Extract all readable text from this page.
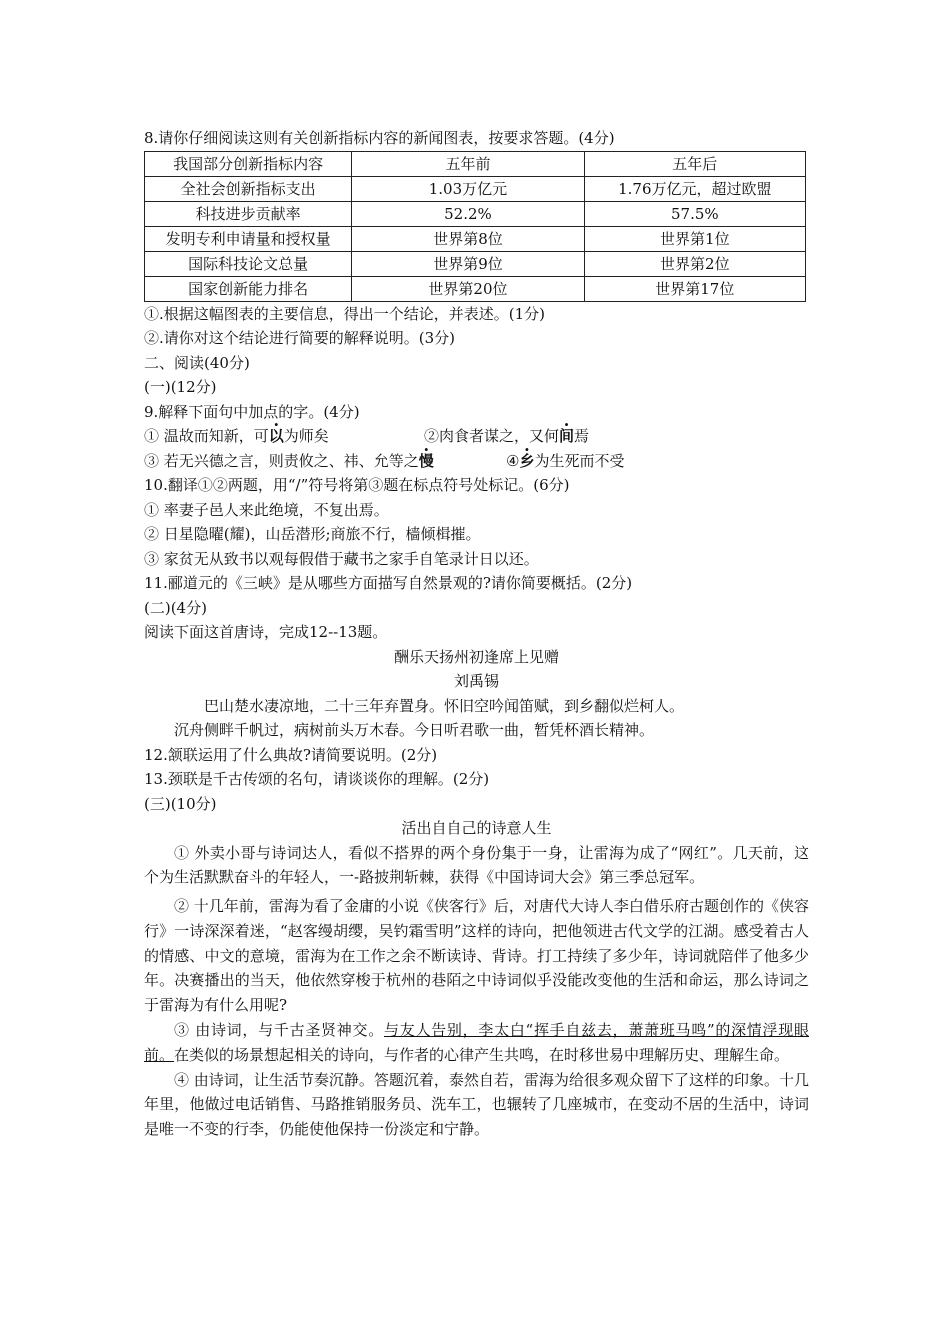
8.请你仔细阅读这则有关创新指标内容的新闻图表，按要求答题。(4分)
我国部分创新指标内容	五年前	五年后
全社会创新指标支出	1.03万亿元	1.76万亿元，超过欧盟
科技进步贡献率	52.2%	57.5%
发明专利申请量和授权量	世界第8位	世界第1位
国际科技论文总量	世界第9位	世界第2位
国家创新能力排名	世界第20位	世界第17位
①.根据这幅图表的主要信息，得出一个结论，并表述。(1分)
②.请你对这个结论进行简要的解释说明。(3分)
二、阅读(40分)
(一)(12分)
9.解释下面句中加点的字。(4分)
① 温故而知新，可以为师矣	②肉食者谋之，又何间焉
③ 若无兴德之言，则责攸之、祎、允等之慢	④乡为生死而不受
10.翻译①②两题，用“/”符号将第③题在标点符号处标记。(6分)
① 率妻子邑人来此绝境，不复出焉。
② 日星隐曜(耀)，山岳潜形;商旅不行，樯倾楫摧。
③ 家贫无从致书以观每假借于藏书之家手自笔录计日以还。
11.郦道元的《三峡》是从哪些方面描写自然景观的?请你简要概括。(2分)
(二)(4分)
阅读下面这首唐诗，完成12--13题。
酬乐天扬州初逢席上见赠
刘禹锡
巴山楚水凄凉地，二十三年弃置身。怀旧空吟闻笛赋，到乡翻似烂柯人。
沉舟侧畔千帆过，病树前头万木春。今日听君歌一曲，暂凭杯酒长精神。
12.颔联运用了什么典故?请简要说明。(2分)
13.颈联是千古传颂的名句，请谈谈你的理解。(2分)
(三)(10分)
活出自自己的诗意人生
① 外卖小哥与诗词达人，看似不搭界的两个身份集于一身，让雷海为成了“网红”。几天前，这个为生活默默奋斗的年轻人，一-路披荆斩棘，获得《中国诗词大会》第三季总冠军。
② 十几年前，雷海为看了金庸的小说《侠客行》后，对唐代大诗人李白借乐府古题创作的《侠容行》一诗深深着迷，“赵客缦胡缨，吴钓霜雪明”这样的诗向，把他领进古代文学的江湖。感受着古人的情感、中文的意境，雷海为在工作之余不断读诗、背诗。打工持续了多少年，诗词就陪伴了他多少年。决赛播出的当天，他依然穿梭于杭州的巷陌之中诗词似乎没能改变他的生活和命运，那么诗词之于雷海为有什么用呢?
③ 由诗词，与千古圣贤神交。与友人告别，李太白“挥手自兹去，萧萧班马鸣”的深情浮现眼前。在类似的场景想起相关的诗向，与作者的心律产生共鸣，在时移世易中理解历史、理解生命。
④ 由诗词，让生活节奏沉静。答题沉着，泰然自若，雷海为给很多观众留下了这样的印象。十几年里，他做过电话销售、马路推销服务员、洗车工，也辗转了几座城市，在变动不居的生活中，诗词是唯一不变的行李，仍能使他保持一份淡定和宁静。
